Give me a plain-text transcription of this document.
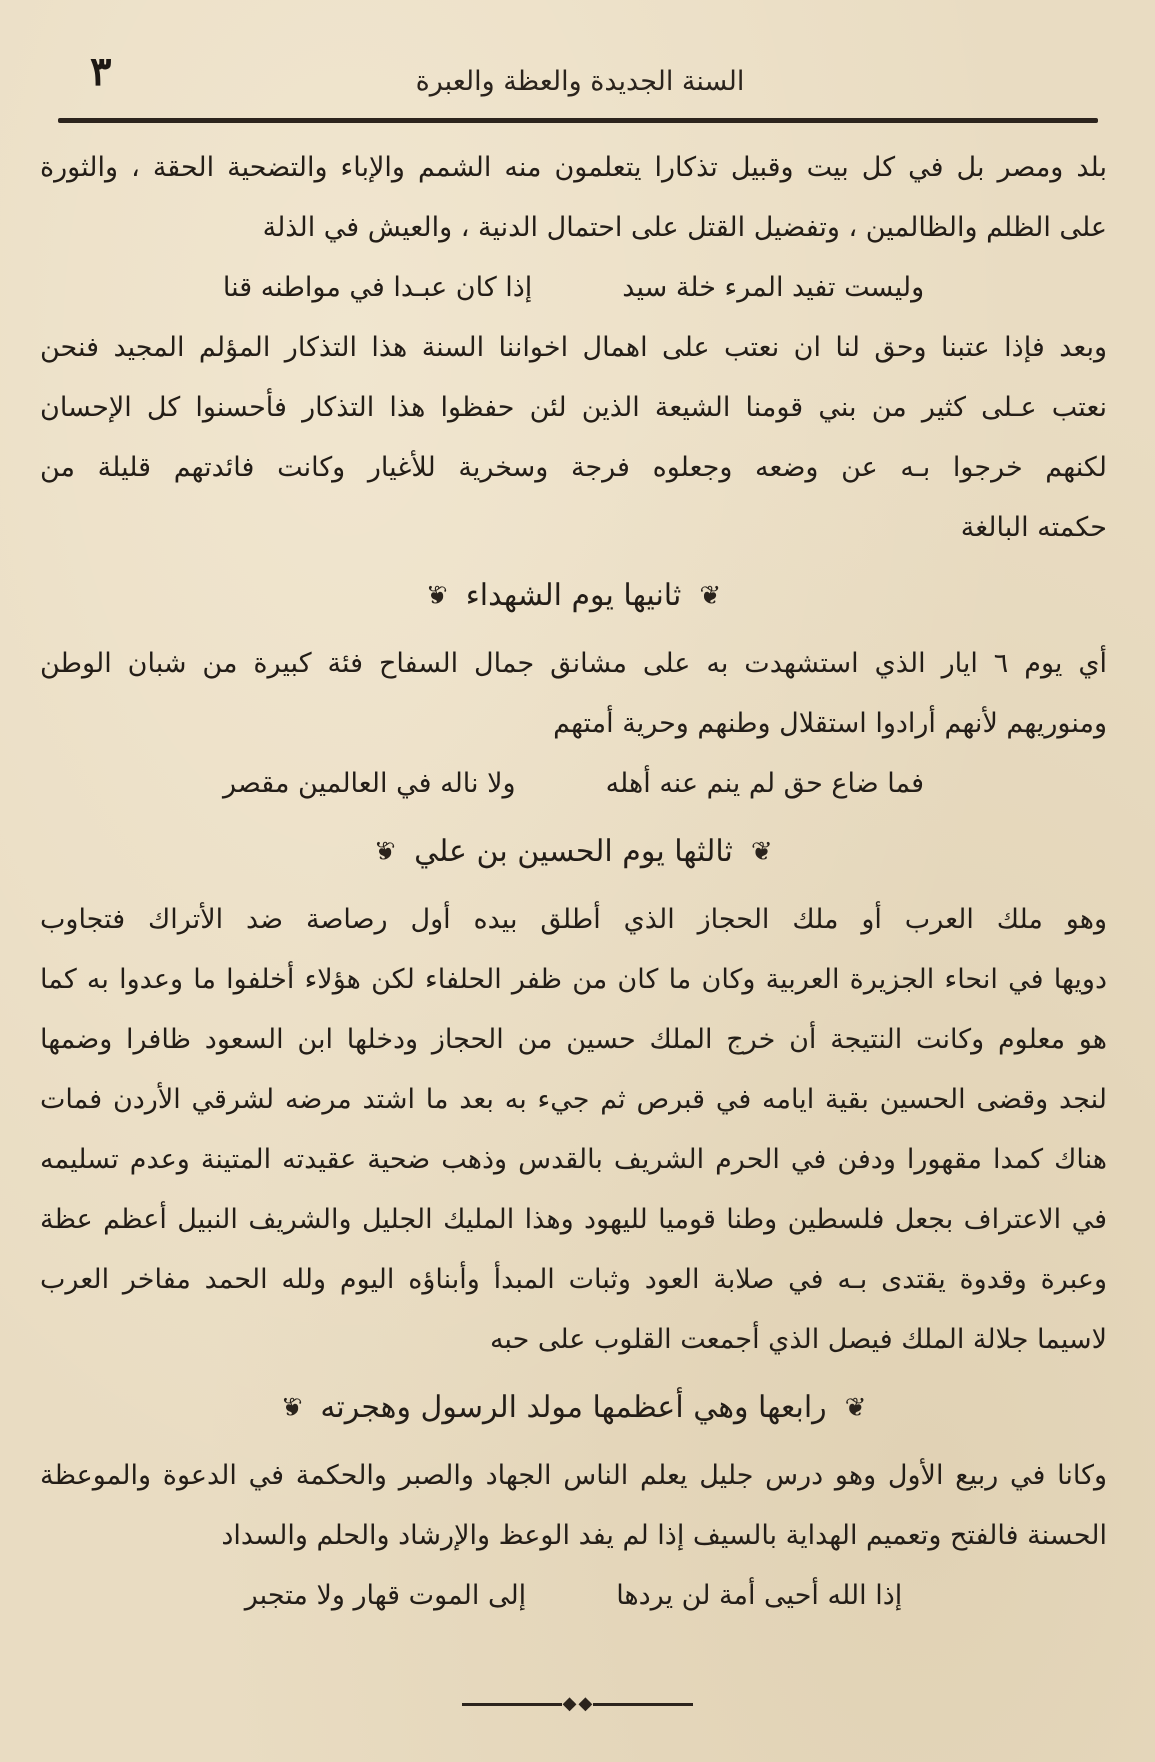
٣	السنة الجديدة والعظة والعبرة
بلد ومصر بل في كل بيت وقبيل تذكارا يتعلمون منه الشمم والإباء والتضحية الحقة ، والثورة
على الظلم والظالمين ، وتفضيل القتل على احتمال الدنية ، والعيش في الذلة
وليست تفيد المرء خلة سيد
إذا كان عبـدا في مواطنه قنا
وبعد فإذا عتبنا وحق لنا ان نعتب على اهمال اخواننا السنة هذا التذكار المؤلم المجيد فنحن
نعتب عـلى كثير من بني قومنا الشيعة الذين لئن حفظوا هذا التذكار فأحسنوا كل الإحسان
لكنهم خرجوا بـه عن وضعه وجعلوه فرجة وسخرية للأغيار وكانت فائدتهم قليلة من
حكمته البالغة
❦
ثانيها يوم الشهداء
❦
أي يوم ٦ ايار الذي استشهدت به على مشانق جمال السفاح فئة كبيرة من شبان الوطن
ومنوريهم لأنهم أرادوا استقلال وطنهم وحرية أمتهم
فما ضاع حق لم ينم عنه أهله
ولا ناله في العالمين مقصر
❦
ثالثها يوم الحسين بن علي
❦
وهو ملك العرب أو ملك الحجاز الذي أطلق بيده أول رصاصة ضد الأتراك فتجاوب
دويها في انحاء الجزيرة العربية وكان ما كان من ظفر الحلفاء لكن هؤلاء أخلفوا ما وعدوا به كما
هو معلوم وكانت النتيجة أن خرج الملك حسين من الحجاز ودخلها ابن السعود ظافرا وضمها
لنجد وقضى الحسين بقية ايامه في قبرص ثم جيء به بعد ما اشتد مرضه لشرقي الأردن فمات
هناك كمدا مقهورا ودفن في الحرم الشريف بالقدس وذهب ضحية عقيدته المتينة وعدم تسليمه
في الاعتراف بجعل فلسطين وطنا قوميا لليهود وهذا المليك الجليل والشريف النبيل أعظم عظة
وعبرة وقدوة يقتدى بـه في صلابة العود وثبات المبدأ وأبناؤه اليوم ولله الحمد مفاخر العرب
لاسيما جلالة الملك فيصل الذي أجمعت القلوب على حبه
❦
رابعها وهي أعظمها مولد الرسول وهجرته
❦
وكانا في ربيع الأول وهو درس جليل يعلم الناس الجهاد والصبر والحكمة في الدعوة والموعظة
الحسنة فالفتح وتعميم الهداية بالسيف إذا لم يفد الوعظ والإرشاد والحلم والسداد
إذا الله أحيى أمة لن يردها
إلى الموت قهار ولا متجبر
◆
◆
